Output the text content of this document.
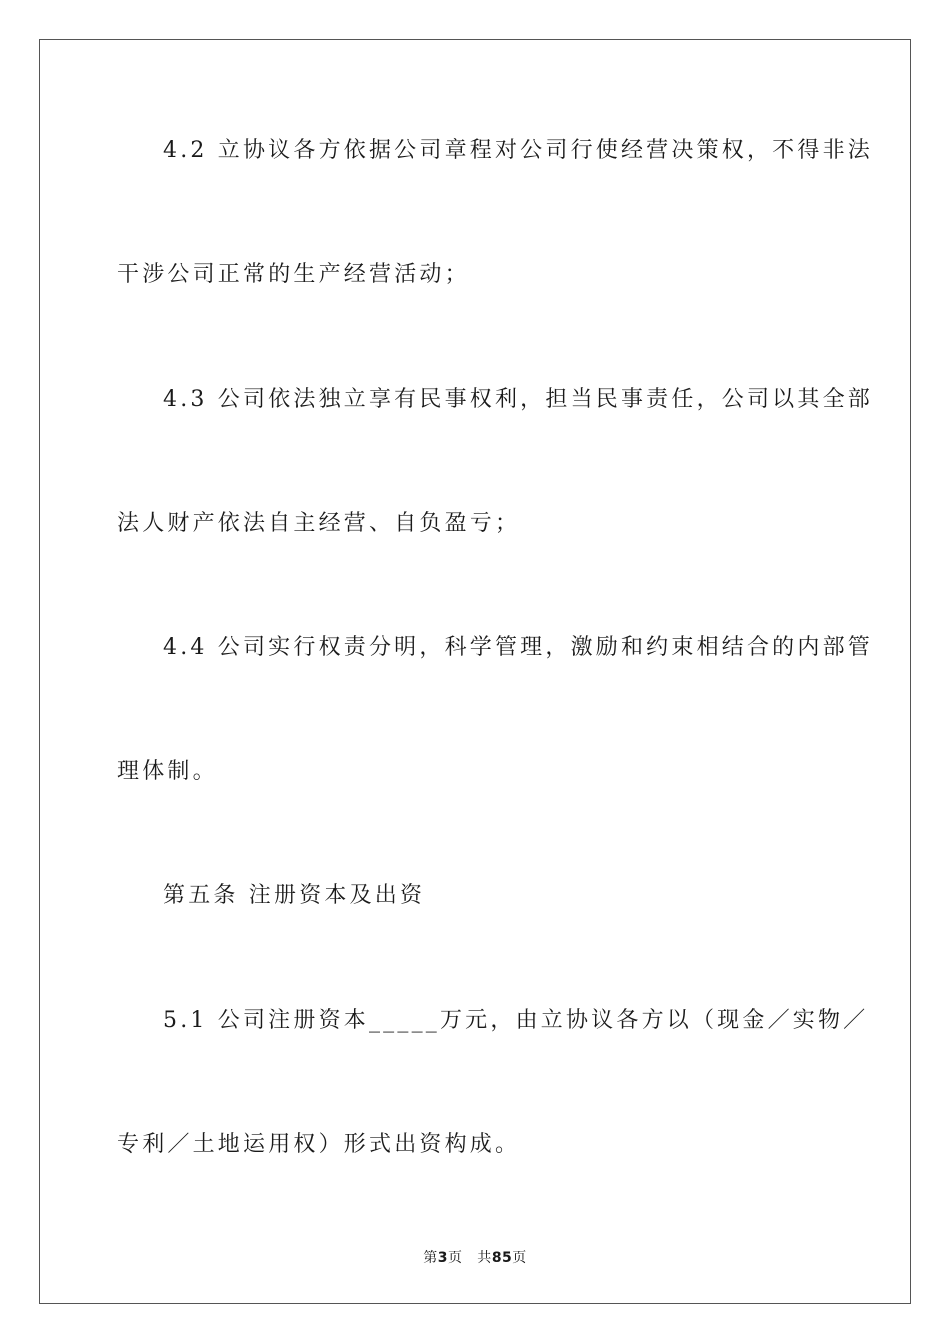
4.2 立协议各方依据公司章程对公司行使经营决策权，不得非法
干涉公司正常的生产经营活动；
4.3 公司依法独立享有民事权利，担当民事责任，公司以其全部
法人财产依法自主经营、自负盈亏；
4.4 公司实行权责分明，科学管理，激励和约束相结合的内部管
理体制。
第五条 注册资本及出资
5.1 公司注册资本_____万元，由立协议各方以（现金／实物／
专利／土地运用权）形式出资构成。
第3页   共85页
